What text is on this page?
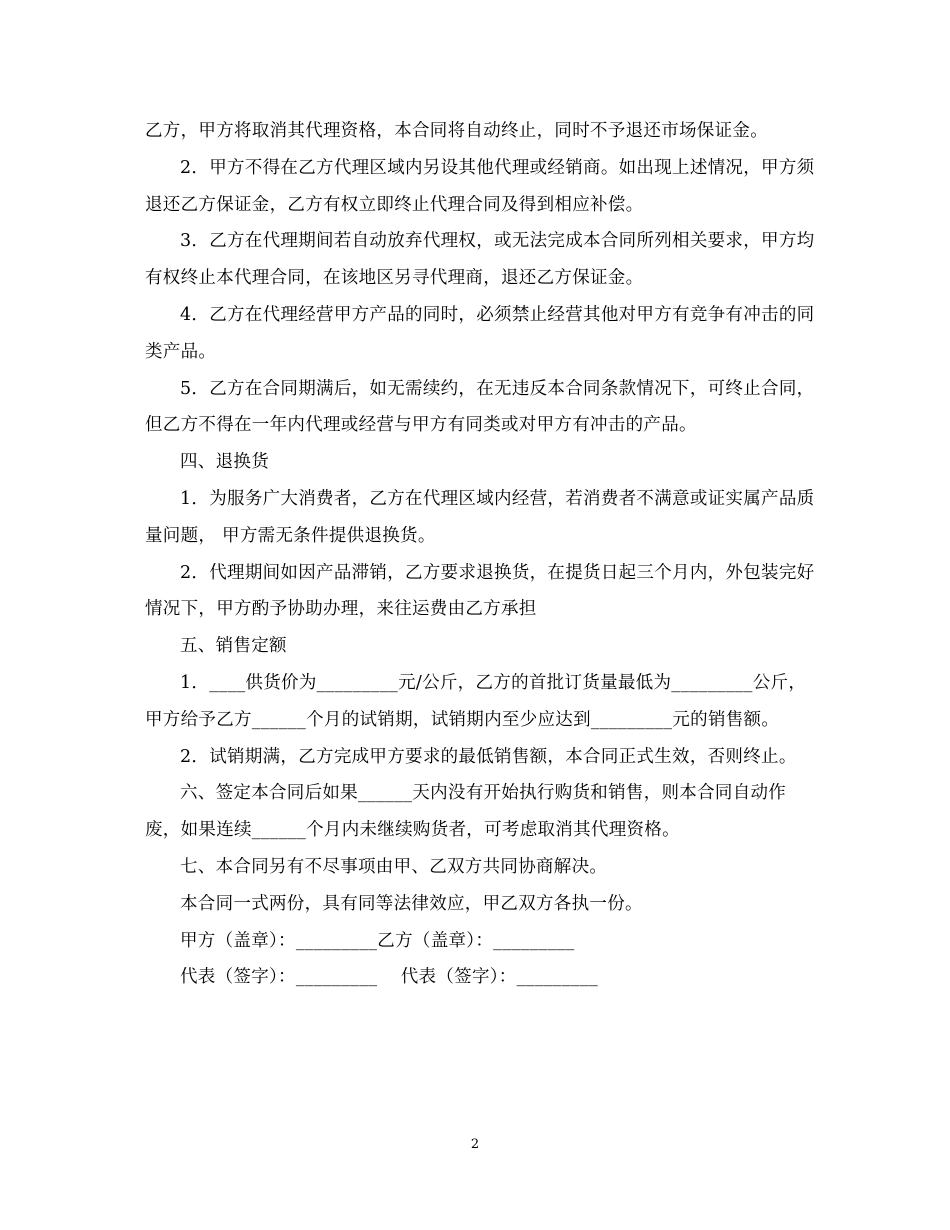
乙方，甲方将取消其代理资格，本合同将自动终止，同时不予退还市场保证金。

2．甲方不得在乙方代理区域内另设其他代理或经销商。如出现上述情况，甲方须退还乙方保证金，乙方有权立即终止代理合同及得到相应补偿。

3．乙方在代理期间若自动放弃代理权，或无法完成本合同所列相关要求，甲方均有权终止本代理合同，在该地区另寻代理商，退还乙方保证金。

4．乙方在代理经营甲方产品的同时，必须禁止经营其他对甲方有竞争有冲击的同类产品。

5．乙方在合同期满后，如无需续约，在无违反本合同条款情况下，可终止合同，但乙方不得在一年内代理或经营与甲方有同类或对甲方有冲击的产品。

四、退换货

1．为服务广大消费者，乙方在代理区域内经营，若消费者不满意或证实属产品质量问题， 甲方需无条件提供退换货。

2．代理期间如因产品滞销，乙方要求退换货，在提货日起三个月内，外包装完好情况下，甲方酌予协助办理，来往运费由乙方承担

五、销售定额

1．____供货价为_________元/公斤，乙方的首批订货量最低为_________公斤，甲方给予乙方______个月的试销期，试销期内至少应达到_________元的销售额。

2．试销期满，乙方完成甲方要求的最低销售额，本合同正式生效，否则终止。

六、签定本合同后如果______天内没有开始执行购货和销售，则本合同自动作废，如果连续______个月内未继续购货者，可考虑取消其代理资格。

七、本合同另有不尽事项由甲、乙双方共同协商解决。

本合同一式两份，具有同等法律效应，甲乙双方各执一份。

甲方（盖章）：_________乙方（盖章）：_________

代表（签字）：_________    代表（签字）：_________

2
